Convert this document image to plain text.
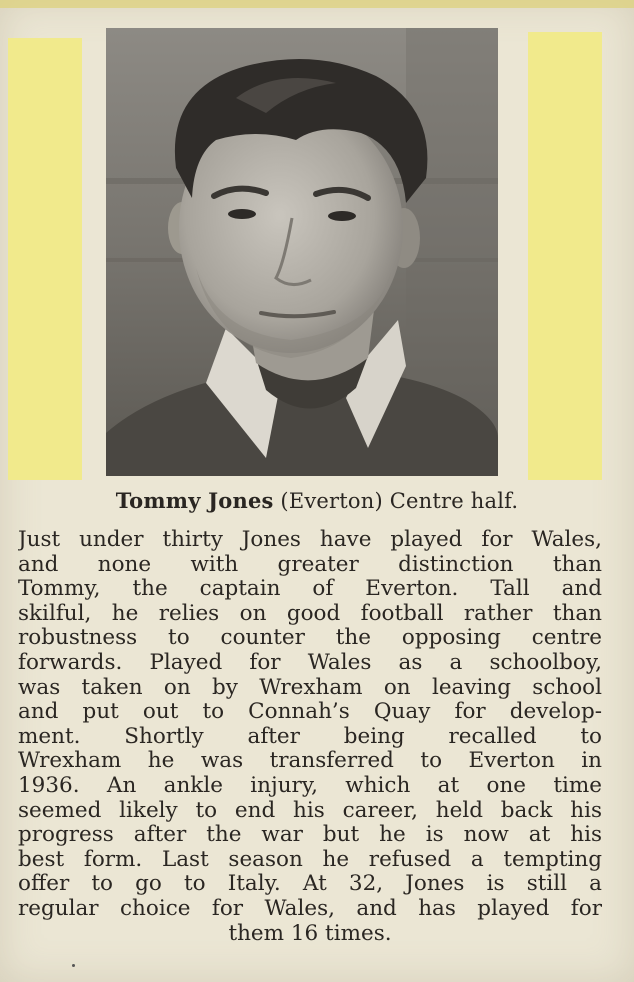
Tommy Jones (Everton) Centre half.
Just under thirty Jones have played for Wales,
and none with greater distinction than
Tommy, the captain of Everton. Tall and
skilful, he relies on good football rather than
robustness to counter the opposing centre
forwards. Played for Wales as a schoolboy,
was taken on by Wrexham on leaving school
and put out to Connah’s Quay for develop-
ment. Shortly after being recalled to
Wrexham he was transferred to Everton in
1936. An ankle injury, which at one time
seemed likely to end his career, held back his
progress after the war but he is now at his
best form. Last season he refused a tempting
offer to go to Italy. At 32, Jones is still a
regular choice for Wales, and has played for
them 16 times.
